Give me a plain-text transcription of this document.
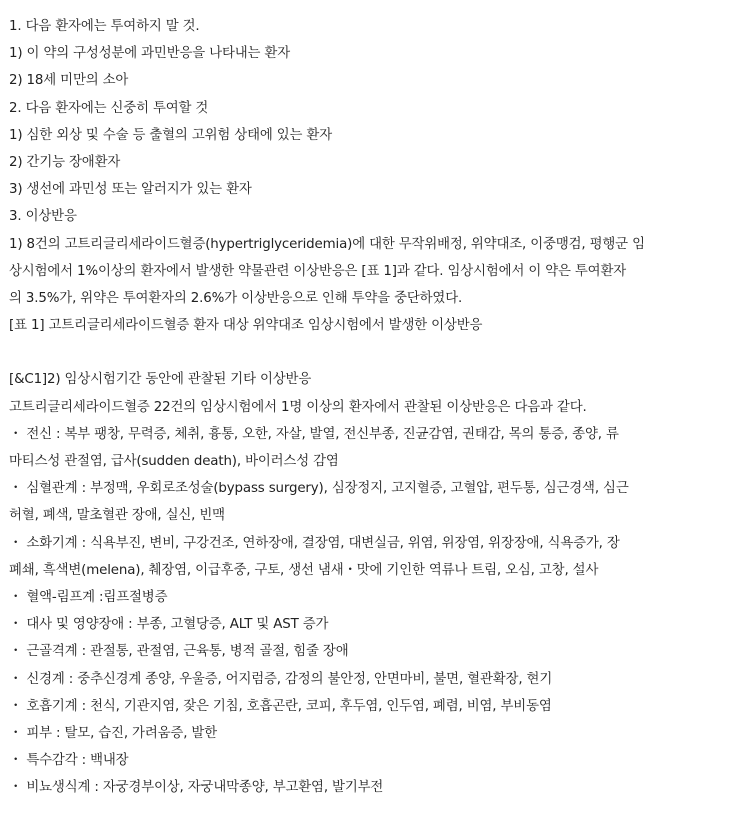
1. 다음 환자에는 투여하지 말 것.
1) 이 약의 구성성분에 과민반응을 나타내는 환자
2) 18세 미만의 소아
2. 다음 환자에는 신중히 투여할 것
1) 심한 외상 및 수술 등 출혈의 고위험 상태에 있는 환자
2) 간기능 장애환자
3) 생선에 과민성 또는 알러지가 있는 환자
3. 이상반응
1) 8건의 고트리글리세라이드혈증(hypertriglyceridemia)에 대한 무작위배정, 위약대조, 이중맹검, 평행군 임
상시험에서 1%이상의 환자에서 발생한 약물관련 이상반응은 [표 1]과 같다. 임상시험에서 이 약은 투여환자
의 3.5%가, 위약은 투여환자의 2.6%가 이상반응으로 인해 투약을 중단하였다.
[표 1] 고트리글리세라이드혈증 환자 대상 위약대조 임상시험에서 발생한 이상반응
[&C1]2) 임상시험기간 동안에 관찰된 기타 이상반응
고트리글리세라이드혈증 22건의 임상시험에서 1명 이상의 환자에서 관찰된 이상반응은 다음과 같다.
・ 전신 : 복부 팽창, 무력증, 체취, 흉통, 오한, 자살, 발열, 전신부종, 진균감염, 권태감, 목의 통증, 종양, 류
마티스성 관절염, 급사(sudden death), 바이러스성 감염
・ 심혈관계 : 부정맥, 우회로조성술(bypass surgery), 심장정지, 고지혈증, 고혈압, 편두통, 심근경색, 심근
허혈, 폐색, 말초혈관 장애, 실신, 빈맥
・ 소화기계 : 식욕부진, 변비, 구강건조, 연하장애, 결장염, 대변실금, 위염, 위장염, 위장장애, 식욕증가, 장
폐쇄, 흑색변(melena), 췌장염, 이급후중, 구토, 생선 냄새・맛에 기인한 역류나 트림, 오심, 고창, 설사
・ 혈액-림프계 :림프절병증
・ 대사 및 영양장애 : 부종, 고혈당증, ALT 및 AST 증가
・ 근골격계 : 관절통, 관절염, 근육통, 병적 골절, 힘줄 장애
・ 신경계 : 중추신경계 종양, 우울증, 어지럼증, 감정의 불안정, 안면마비, 불면, 혈관확장, 현기
・ 호흡기계 : 천식, 기관지염, 잦은 기침, 호흡곤란, 코피, 후두염, 인두염, 폐렴, 비염, 부비동염
・ 피부 : 탈모, 습진, 가려움증, 발한
・ 특수감각 : 백내장
・ 비뇨생식계 : 자궁경부이상, 자궁내막종양, 부고환염, 발기부전
